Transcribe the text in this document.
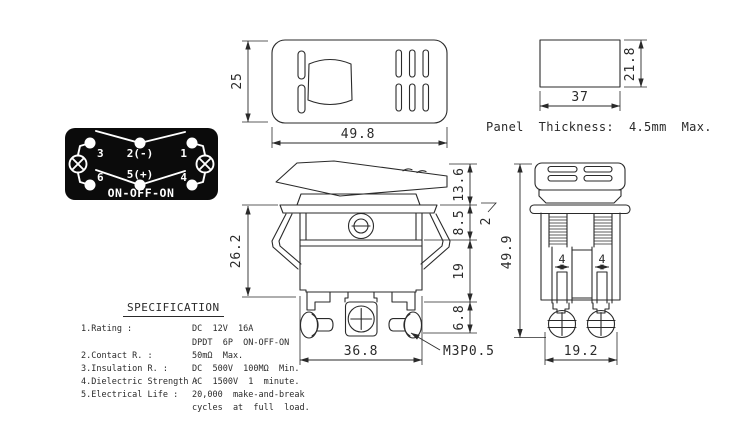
25
49.8
21.8
37
Panel  Thickness:  4.5mm  Max.
3
6
2(-)
5(+)
1
4
ON-OFF-ON
26.2
13.6
8.5
19
6.8
2
36.8	M3P0.5
49.9	4	4
19.2
SPECIFICATION
1.Rating :	DC  12V  16A
DPDT  6P  ON-OFF-ON
2.Contact R. :	50mΩ  Max.
3.Insulation R. :	DC  500V  100MΩ  Min.
4.Dielectric Strength :
AC  1500V  1  minute.
5.Electrical Life : 20,000  make-and-break
cycles  at  full  load.
